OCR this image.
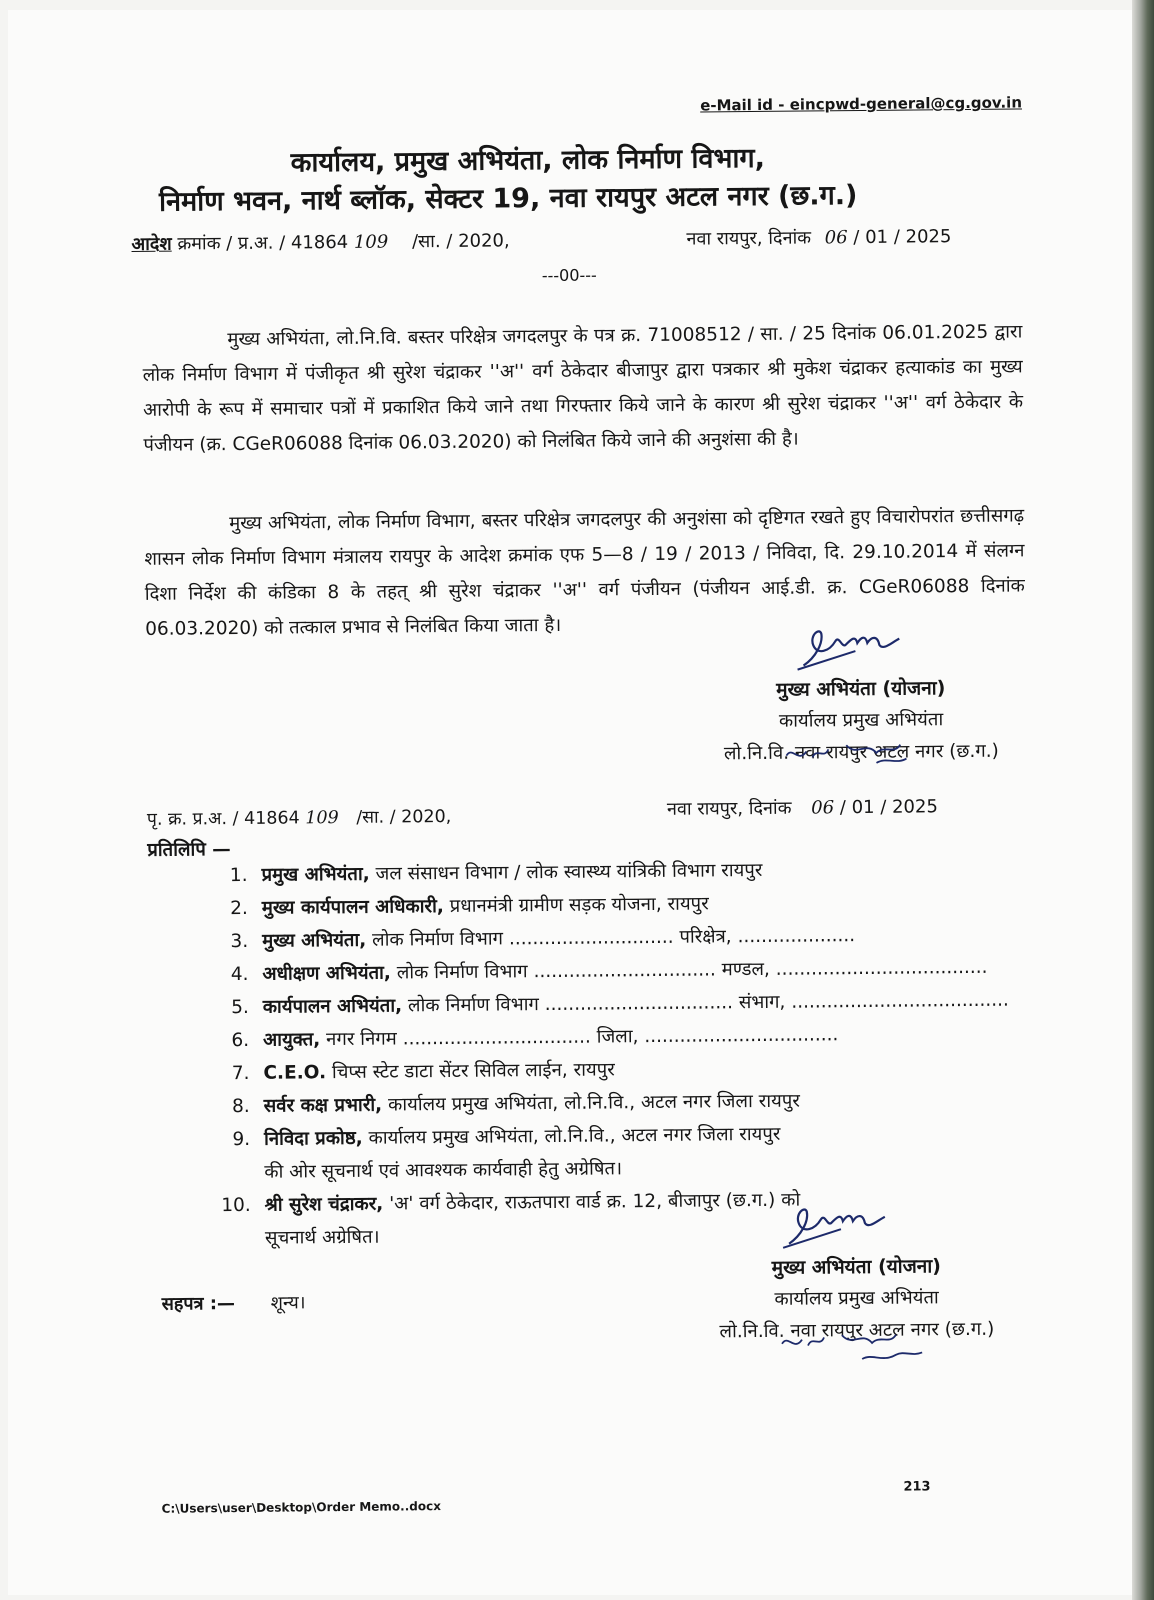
e-Mail id - eincpwd-general@cg.gov.in
कार्यालय, प्रमुख अभियंता, लोक निर्माण विभाग,
निर्माण भवन, नार्थ ब्लॉक, सेक्टर 19, नवा रायपुर अटल नगर (छ.ग.)
आदेश क्रमांक / प्र.अ. / 41864 109 /सा. / 2020,	नवा रायपुर, दिनांक 06 / 01 / 2025
---00---

मुख्य अभियंता, लो.नि.वि. बस्तर परिक्षेत्र जगदलपुर के पत्र क्र. 71008512 / सा. / 25 दिनांक 06.01.2025 द्वारा लोक निर्माण विभाग में पंजीकृत श्री सुरेश चंद्राकर ''अ'' वर्ग ठेकेदार बीजापुर द्वारा पत्रकार श्री मुकेश चंद्राकर हत्याकांड का मुख्य आरोपी के रूप में समाचार पत्रों में प्रकाशित किये जाने तथा गिरफ्तार किये जाने के कारण श्री सुरेश चंद्राकर ''अ'' वर्ग ठेकेदार के पंजीयन (क्र. CGeR06088 दिनांक 06.03.2020) को निलंबित किये जाने की अनुशंसा की है।

मुख्य अभियंता, लोक निर्माण विभाग, बस्तर परिक्षेत्र जगदलपुर की अनुशंसा को दृष्टिगत रखते हुए विचारोपरांत छत्तीसगढ़ शासन लोक निर्माण विभाग मंत्रालय रायपुर के आदेश क्रमांक एफ 5—8 / 19 / 2013 / निविदा, दि. 29.10.2014 में संलग्न दिशा निर्देश की कंडिका 8 के तहत् श्री सुरेश चंद्राकर ''अ'' वर्ग पंजीयन (पंजीयन आई.डी. क्र. CGeR06088 दिनांक 06.03.2020) को तत्काल प्रभाव से निलंबित किया जाता है।

मुख्य अभियंता (योजना)
कार्यालय प्रमुख अभियंता
लो.नि.वि. नवा रायपुर अटल नगर (छ.ग.)
पृ. क्र. प्र.अ. / 41864 109 /सा. / 2020,	नवा रायपुर, दिनांक 06 / 01 / 2025
प्रतिलिपि —
1. प्रमुख अभियंता, जल संसाधन विभाग / लोक स्वास्थ्य यांत्रिकी विभाग रायपुर
2. मुख्य कार्यपालन अधिकारी, प्रधानमंत्री ग्रामीण सड़क योजना, रायपुर
3. मुख्य अभियंता, लोक निर्माण विभाग ............................ परिक्षेत्र, ....................
4. अधीक्षण अभियंता, लोक निर्माण विभाग ............................... मण्डल, ....................................
5. कार्यपालन अभियंता, लोक निर्माण विभाग ................................ संभाग, .....................................
6. आयुक्त, नगर निगम ................................ जिला, .................................
7. C.E.O. चिप्स स्टेट डाटा सेंटर सिविल लाईन, रायपुर
8. सर्वर कक्ष प्रभारी, कार्यालय प्रमुख अभियंता, लो.नि.वि., अटल नगर जिला रायपुर
9. निविदा प्रकोष्ठ, कार्यालय प्रमुख अभियंता, लो.नि.वि., अटल नगर जिला रायपुर
की ओर सूचनार्थ एवं आवश्यक कार्यवाही हेतु अग्रेषित।
10. श्री सुरेश चंद्राकर, 'अ' वर्ग ठेकेदार, राऊतपारा वार्ड क्र. 12, बीजापुर (छ.ग.) को
सूचनार्थ अग्रेषित।
मुख्य अभियंता (योजना)
कार्यालय प्रमुख अभियंता
लो.नि.वि. नवा रायपुर अटल नगर (छ.ग.)
सहपत्र :— शून्य।
213
C:\Users\user\Desktop\Order Memo..docx
